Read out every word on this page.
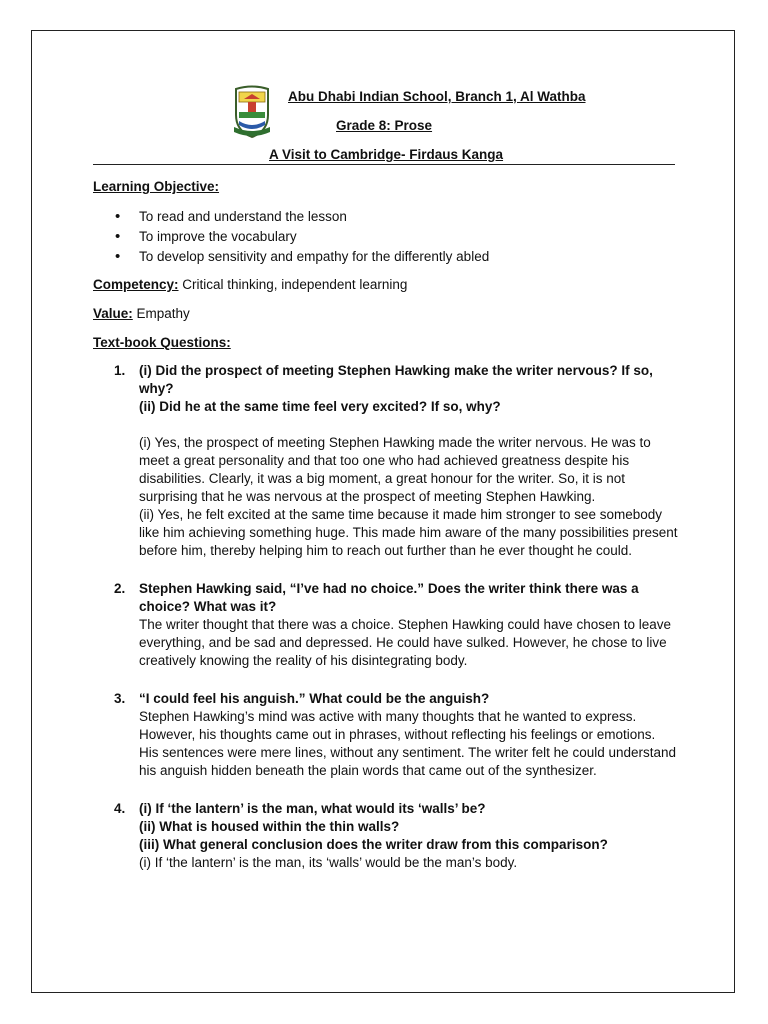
Abu Dhabi Indian School, Branch 1, Al Wathba
Grade 8: Prose
A Visit to Cambridge- Firdaus Kanga
Learning Objective:
• To read and understand the lesson
• To improve the vocabulary
• To develop sensitivity and empathy for the differently abled
Competency: Critical thinking, independent learning
Value: Empathy
Text-book Questions:
1. (i) Did the prospect of meeting Stephen Hawking make the writer nervous? If so, why?

(ii) Did he at the same time feel very excited? If so, why?

(i) Yes, the prospect of meeting Stephen Hawking made the writer nervous. He was to meet a great personality and that too one who had achieved greatness despite his disabilities. Clearly, it was a big moment, a great honour for the writer. So, it is not surprising that he was nervous at the prospect of meeting Stephen Hawking.

(ii) Yes, he felt excited at the same time because it made him stronger to see somebody like him achieving something huge. This made him aware of the many possibilities present before him, thereby helping him to reach out further than he ever thought he could.

2. Stephen Hawking said, “I’ve had no choice.” Does the writer think there was a choice? What was it?

The writer thought that there was a choice. Stephen Hawking could have chosen to leave everything, and be sad and depressed. He could have sulked. However, he chose to live creatively knowing the reality of his disintegrating body.

3. “I could feel his anguish.” What could be the anguish?

Stephen Hawking’s mind was active with many thoughts that he wanted to express. However, his thoughts came out in phrases, without reflecting his feelings or emotions. His sentences were mere lines, without any sentiment. The writer felt he could understand his anguish hidden beneath the plain words that came out of the synthesizer.

4. (i) If ‘the lantern’ is the man, what would its ‘walls’ be?

(ii) What is housed within the thin walls?

(iii) What general conclusion does the writer draw from this comparison?

(i) If ‘the lantern’ is the man, its ‘walls’ would be the man’s body.
